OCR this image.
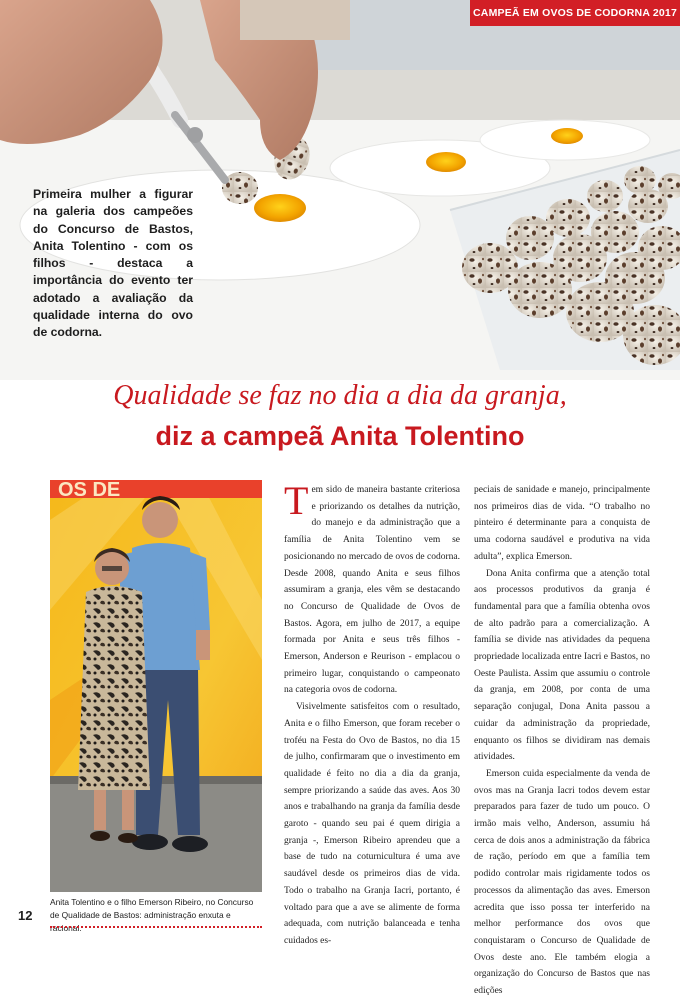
CAMPEÃ EM OVOS DE CODORNA 2017
Primeira mulher a figurar na galeria dos campeões do Concurso de Bastos, Anita Tolentino - com os filhos - destaca a importância do evento ter adotado a avaliação da qualidade interna do ovo de codorna.
Qualidade se faz no dia a dia da granja,
diz a campeã Anita Tolentino
OS DE
Anita Tolentino e o filho Emerson Ribeiro, no Concurso de Qualidade de Bastos: administração enxuta e racional.
12

Tem sido de maneira bastante criteriosa e priorizando os detalhes da nutrição, do manejo e da administração que a família de Anita Tolentino vem se posicionando no mercado de ovos de codorna. Desde 2008, quando Anita e seus filhos assumiram a granja, eles vêm se destacando no Concurso de Qualidade de Ovos de Bastos. Agora, em julho de 2017, a equipe formada por Anita e seus três filhos - Emerson, Anderson e Reurison - emplacou o primeiro lugar, conquistando o campeonato na categoria ovos de codorna.

Visivelmente satisfeitos com o resultado, Anita e o filho Emerson, que foram receber o troféu na Festa do Ovo de Bastos, no dia 15 de julho, confirmaram que o investimento em qualidade é feito no dia a dia da granja, sempre priorizando a saúde das aves. Aos 30 anos e trabalhando na granja da família desde garoto - quando seu pai é quem dirigia a granja -, Emerson Ribeiro aprendeu que a base de tudo na coturnicultura é uma ave saudável desde os primeiros dias de vida. Todo o trabalho na Granja Iacri, portanto, é voltado para que a ave se alimente de forma adequada, com nutrição balanceada e tenha cuidados es-

peciais de sanidade e manejo, principalmente nos primeiros dias de vida. “O trabalho no pinteiro é determinante para a conquista de uma codorna saudável e produtiva na vida adulta”, explica Emerson.

Dona Anita confirma que a atenção total aos processos produtivos da granja é fundamental para que a família obtenha ovos de alto padrão para a comercialização. A família se divide nas atividades da pequena propriedade localizada entre Iacri e Bastos, no Oeste Paulista. Assim que assumiu o controle da granja, em 2008, por conta de uma separação conjugal, Dona Anita passou a cuidar da administração da propriedade, enquanto os filhos se dividiram nas demais atividades.

Emerson cuida especialmente da venda de ovos mas na Granja Iacri todos devem estar preparados para fazer de tudo um pouco. O irmão mais velho, Anderson, assumiu há cerca de dois anos a administração da fábrica de ração, período em que a família tem podido controlar mais rigidamente todos os processos da alimentação das aves. Emerson acredita que isso possa ter interferido na melhor performance dos ovos que conquistaram o Concurso de Qualidade de Ovos deste ano. Ele também elogia a organização do Concurso de Bastos que nas edições
